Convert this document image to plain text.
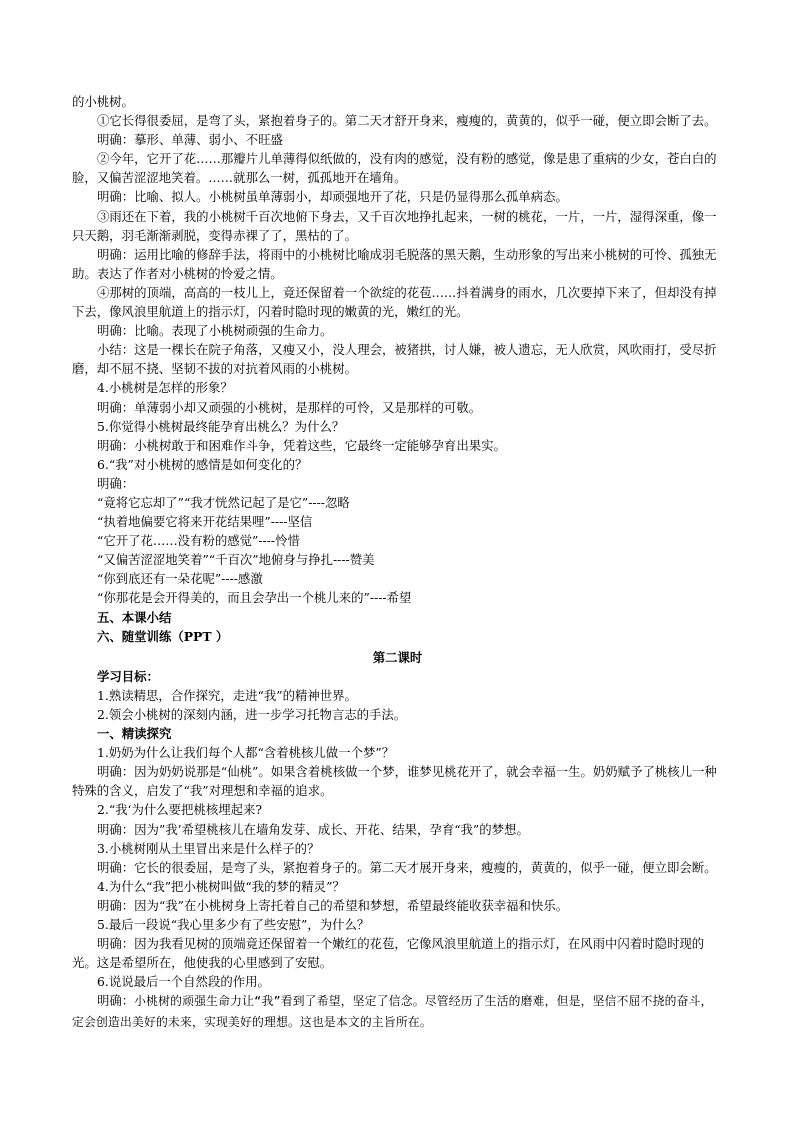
的小桃树。

①它长得很委屈，是弯了头，紧抱着身子的。第二天才舒开身来，瘦瘦的，黄黄的，似乎一碰，便立即会断了去。

明确：摹形、单薄、弱小、不旺盛

②今年，它开了花……那瓣片儿单薄得似纸做的，没有肉的感觉，没有粉的感觉，像是患了重病的少女，苍白白的脸，又偏苦涩涩地笑着。……就那么一树，孤孤地开在墙角。

明确：比喻、拟人。小桃树虽单薄弱小，却顽强地开了花，只是仍显得那么孤单病态。

③雨还在下着，我的小桃树千百次地俯下身去，又千百次地挣扎起来，一树的桃花，一片，一片，湿得深重，像一只天鹅，羽毛渐渐剥脱，变得赤裸了了，黑枯的了。

明确：运用比喻的修辞手法，将雨中的小桃树比喻成羽毛脱落的黑天鹅，生动形象的写出来小桃树的可怜、孤独无助。表达了作者对小桃树的怜爱之情。

④那树的顶端，高高的一枝儿上，竟还保留着一个欲绽的花苞……抖着满身的雨水，几次要掉下来了，但却没有掉下去，像风浪里航道上的指示灯，闪着时隐时现的嫩黄的光，嫩红的光。

明确：比喻。表现了小桃树顽强的生命力。

小结：这是一棵长在院子角落，又瘦又小，没人理会，被猪拱，讨人嫌，被人遗忘，无人欣赏，风吹雨打，受尽折磨，却不屈不挠、坚韧不拔的对抗着风雨的小桃树。

4.小桃树是怎样的形象？

明确：单薄弱小却又顽强的小桃树，是那样的可怜，又是那样的可敬。

5.你觉得小桃树最终能孕育出桃么？为什么？

明确：小桃树敢于和困难作斗争，凭着这些，它最终一定能够孕育出果实。

6.“我”对小桃树的感情是如何变化的？

明确：

“竟将它忘却了”“我才恍然记起了是它”----忽略

“执着地偏要它将来开花结果哩”----坚信

“它开了花……没有粉的感觉”----怜惜

“又偏苦涩涩地笑着”“千百次”地俯身与挣扎----赞美

“你到底还有一朵花呢”----感激

“你那花是会开得美的，而且会孕出一个桃儿来的”----希望

五、本课小结

六、随堂训练（PPT ）

第二课时

学习目标：

1.熟读精思，合作探究，走进“我”的精神世界。

2.领会小桃树的深刻内涵，进一步学习托物言志的手法。

一、精读探究

1.奶奶为什么让我们每个人都“含着桃核儿做一个梦”？

明确：因为奶奶说那是“仙桃”。如果含着桃核做一个梦，谁梦见桃花开了，就会幸福一生。奶奶赋予了桃核儿一种特殊的含义，启发了“我”对理想和幸福的追求。

2.“我‘为什么要把桃核埋起来?

明确：因为”我’希望桃核儿在墙角发芽、成长、开花、结果，孕育“我”的梦想。

3.小桃树刚从土里冒出来是什么样子的？

明确：它长的很委屈，是弯了头，紧抱着身子的。第二天才展开身来，瘦瘦的，黄黄的，似乎一碰，便立即会断。

4.为什么“我”把小桃树叫做“我的梦的精灵”？

明确：因为“我”在小桃树身上寄托着自己的希望和梦想，希望最终能收获幸福和快乐。

5.最后一段说“我心里多少有了些安慰”，为什么？

明确：因为我看见树的顶端竟还保留着一个嫩红的花苞，它像风浪里航道上的指示灯，在风雨中闪着时隐时现的光。这是希望所在，他使我的心里感到了安慰。

6.说说最后一个自然段的作用。

明确：小桃树的顽强生命力让“我”看到了希望，坚定了信念。尽管经历了生活的磨难，但是，坚信不屈不挠的奋斗，定会创造出美好的未来，实现美好的理想。这也是本文的主旨所在。
